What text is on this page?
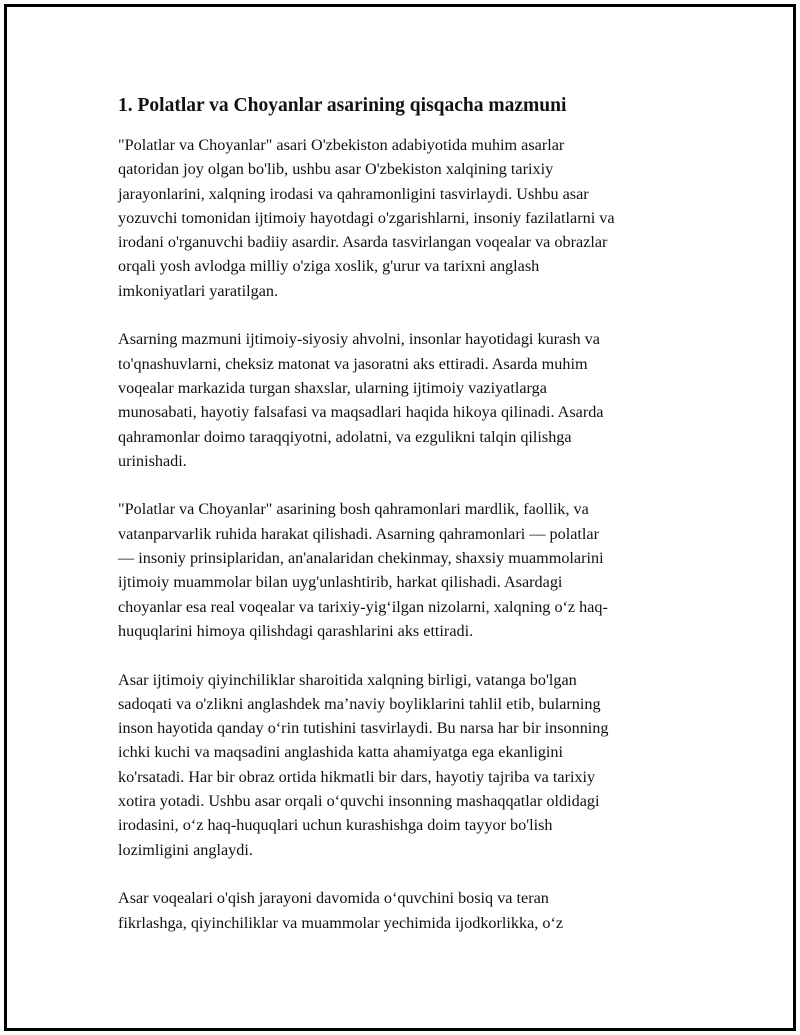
1. Polatlar va Choyanlar asarining qisqacha mazmuni

"Polatlar va Choyanlar" asari O'zbekiston adabiyotida muhim asarlar
qatoridan joy olgan bo'lib, ushbu asar O'zbekiston xalqining tarixiy
jarayonlarini, xalqning irodasi va qahramonligini tasvirlaydi. Ushbu asar
yozuvchi tomonidan ijtimoiy hayotdagi o'zgarishlarni, insoniy fazilatlarni va
irodani o'rganuvchi badiiy asardir. Asarda tasvirlangan voqealar va obrazlar
orqali yosh avlodga milliy o'ziga xoslik, g'urur va tarixni anglash
imkoniyatlari yaratilgan.

Asarning mazmuni ijtimoiy-siyosiy ahvolni, insonlar hayotidagi kurash va
to'qnashuvlarni, cheksiz matonat va jasoratni aks ettiradi. Asarda muhim
voqealar markazida turgan shaxslar, ularning ijtimoiy vaziyatlarga
munosabati, hayotiy falsafasi va maqsadlari haqida hikoya qilinadi. Asarda
qahramonlar doimo taraqqiyotni, adolatni, va ezgulikni talqin qilishga
urinishadi.

"Polatlar va Choyanlar" asarining bosh qahramonlari mardlik, faollik, va
vatanparvarlik ruhida harakat qilishadi. Asarning qahramonlari — polatlar
— insoniy prinsiplaridan, an'analaridan chekinmay, shaxsiy muammolarini
ijtimoiy muammolar bilan uyg'unlashtirib, harkat qilishadi. Asardagi
choyanlar esa real voqealar va tarixiy-yig‘ilgan nizolarni, xalqning o‘z haq-
huquqlarini himoya qilishdagi qarashlarini aks ettiradi.

Asar ijtimoiy qiyinchiliklar sharoitida xalqning birligi, vatanga bo'lgan
sadoqati va o'zlikni anglashdek ma’naviy boyliklarini tahlil etib, bularning
inson hayotida qanday o‘rin tutishini tasvirlaydi. Bu narsa har bir insonning
ichki kuchi va maqsadini anglashida katta ahamiyatga ega ekanligini
ko'rsatadi. Har bir obraz ortida hikmatli bir dars, hayotiy tajriba va tarixiy
xotira yotadi. Ushbu asar orqali o‘quvchi insonning mashaqqatlar oldidagi
irodasini, o‘z haq-huquqlari uchun kurashishga doim tayyor bo'lish
lozimligini anglaydi.

Asar voqealari o'qish jarayoni davomida o‘quvchini bosiq va teran
fikrlashga, qiyinchiliklar va muammolar yechimida ijodkorlikka, o‘z
